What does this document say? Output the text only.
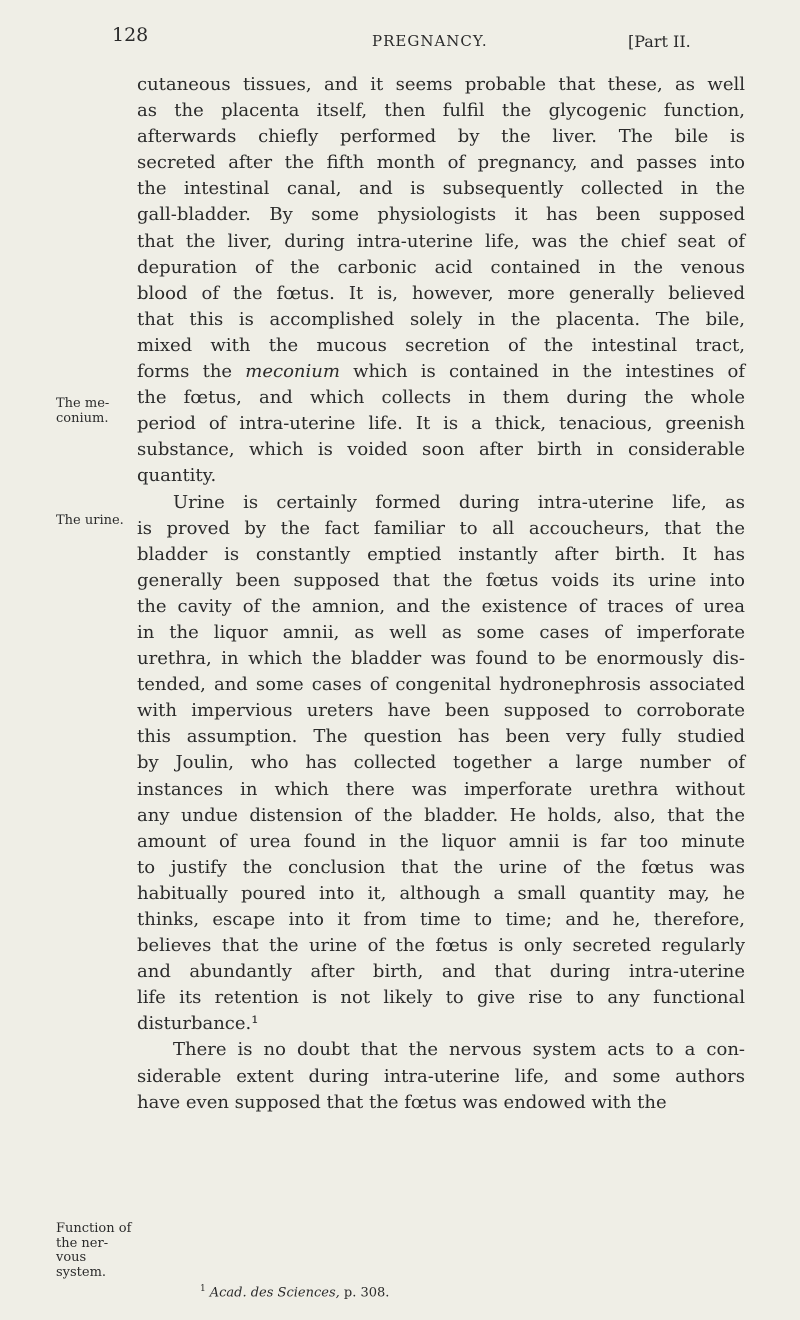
128	PREGNANCY.	[Part II.
The me-
conium.
The urine.
Function of
the ner-
vous
system.
cutaneous tissues, and it seems probable that these, as well
as the placenta itself, then fulfil the glycogenic function,
afterwards chiefly performed by the liver. The bile is
secreted after the fifth month of pregnancy, and passes into
the intestinal canal, and is subsequently collected in the
gall-bladder. By some physiologists it has been supposed
that the liver, during intra-uterine life, was the chief seat of
depuration of the carbonic acid contained in the venous
blood of the fœtus. It is, however, more generally believed
that this is accomplished solely in the placenta. The bile,
mixed with the mucous secretion of the intestinal tract,
forms the meconium which is contained in the intestines of
the fœtus, and which collects in them during the whole
period of intra-uterine life. It is a thick, tenacious, greenish
substance, which is voided soon after birth in considerable
quantity.
Urine is certainly formed during intra-uterine life, as
is proved by the fact familiar to all accoucheurs, that the
bladder is constantly emptied instantly after birth. It has
generally been supposed that the fœtus voids its urine into
the cavity of the amnion, and the existence of traces of urea
in the liquor amnii, as well as some cases of imperforate
urethra, in which the bladder was found to be enormously dis-
tended, and some cases of congenital hydronephrosis associated
with impervious ureters have been supposed to corroborate
this assumption. The question has been very fully studied
by Joulin, who has collected together a large number of
instances in which there was imperforate urethra without
any undue distension of the bladder. He holds, also, that the
amount of urea found in the liquor amnii is far too minute
to justify the conclusion that the urine of the fœtus was
habitually poured into it, although a small quantity may, he
thinks, escape into it from time to time; and he, therefore,
believes that the urine of the fœtus is only secreted regularly
and abundantly after birth, and that during intra-uterine
life its retention is not likely to give rise to any functional
disturbance.¹
There is no doubt that the nervous system acts to a con-
siderable extent during intra-uterine life, and some authors
have even supposed that the fœtus was endowed with the
$^1$ Acad. des Sciences, p. 308.
